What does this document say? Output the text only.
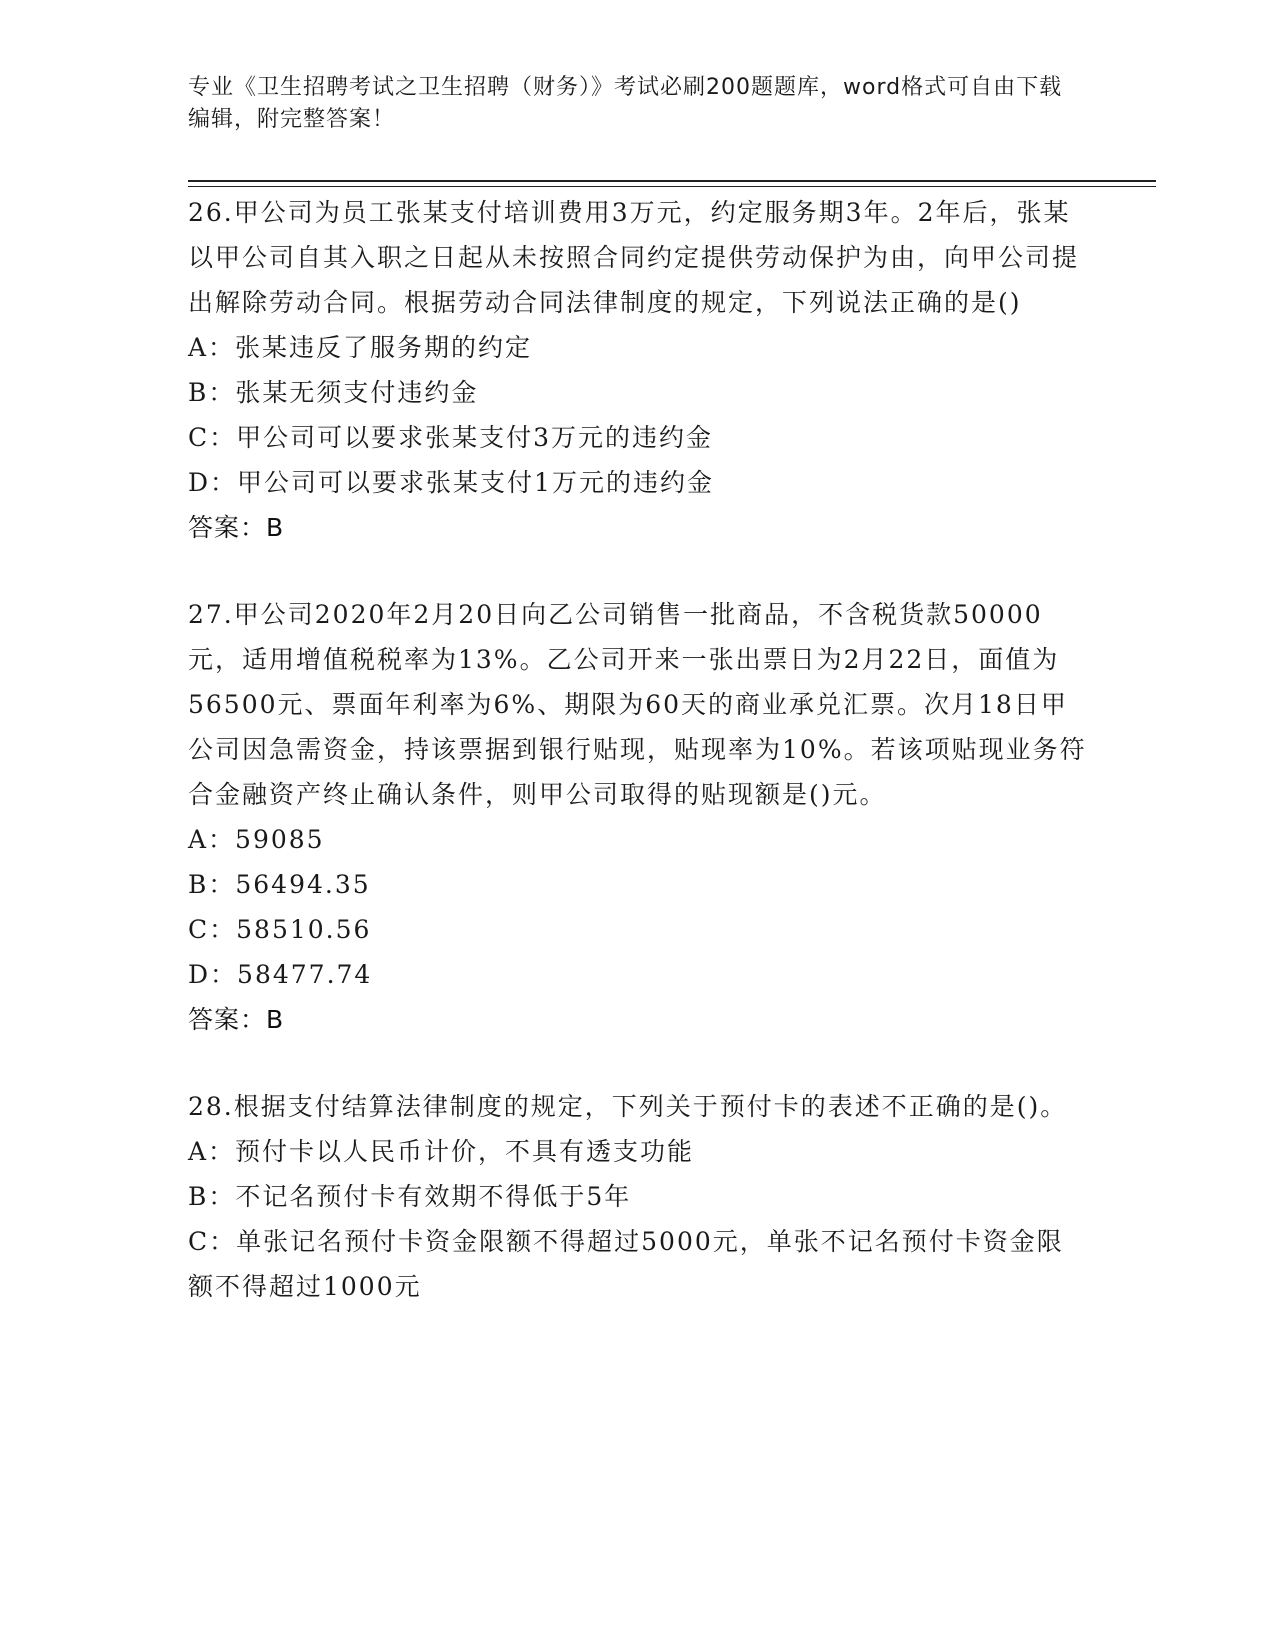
专业《卫生招聘考试之卫生招聘（财务）》考试必刷200题题库，word格式可自由下载编辑，附完整答案！

26.甲公司为员工张某支付培训费用3万元，约定服务期3年。2年后，张某以甲公司自其入职之日起从未按照合同约定提供劳动保护为由，向甲公司提出解除劳动合同。根据劳动合同法律制度的规定，下列说法正确的是()

A：张某违反了服务期的约定

B：张某无须支付违约金

C：甲公司可以要求张某支付3万元的违约金

D：甲公司可以要求张某支付1万元的违约金

答案：B

27.甲公司2020年2月20日向乙公司销售一批商品，不含税货款50000元，适用增值税税率为13%。乙公司开来一张出票日为2月22日，面值为56500元、票面年利率为6%、期限为60天的商业承兑汇票。次月18日甲公司因急需资金，持该票据到银行贴现，贴现率为10%。若该项贴现业务符合金融资产终止确认条件，则甲公司取得的贴现额是()元。

A：59085

B：56494.35

C：58510.56

D：58477.74

答案：B

28.根据支付结算法律制度的规定，下列关于预付卡的表述不正确的是()。

A：预付卡以人民币计价，不具有透支功能

B：不记名预付卡有效期不得低于5年

C：单张记名预付卡资金限额不得超过5000元，单张不记名预付卡资金限额不得超过1000元
